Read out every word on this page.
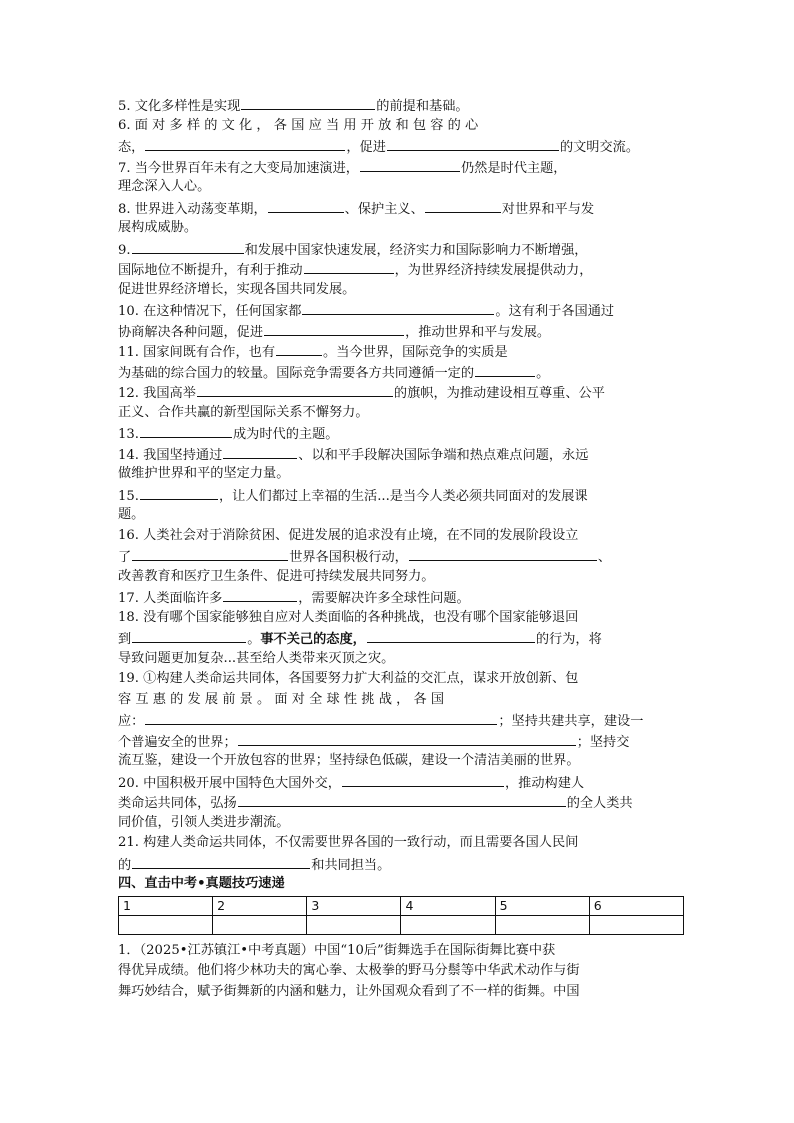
5. 文化多样性是实现	的前提和基础。
6. 面 对 多 样 的 文 化 ， 各 国 应 当 用 开 放 和 包 容 的 心
态，	，促进	的文明交流。
7. 当今世界百年未有之大变局加速演进，	仍然是时代主题，
理念深入人心。
8. 世界进入动荡变革期，	、保护主义、	对世界和平与发
展构成威胁。
9.	和发展中国家快速发展，经济实力和国际影响力不断增强，
国际地位不断提升，有利于推动	，为世界经济持续发展提供动力，
促进世界经济增长，实现各国共同发展。
10. 在这种情况下，任何国家都	。这有利于各国通过
协商解决各种问题，促进	，推动世界和平与发展。
11. 国家间既有合作，也有	。当今世界，国际竞争的实质是
为基础的综合国力的较量。国际竞争需要各方共同遵循一定的	。
12. 我国高举	的旗帜，为推动建设相互尊重、公平
正义、合作共赢的新型国际关系不懈努力。
13.	成为时代的主题。
14. 我国坚持通过	、以和平手段解决国际争端和热点难点问题，永远
做维护世界和平的坚定力量。
15.	，让人们都过上幸福的生活...是当今人类必须共同面对的发展课
题。
16. 人类社会对于消除贫困、促进发展的追求没有止境，在不同的发展阶段设立
了	世界各国积极行动，	、
改善教育和医疗卫生条件、促进可持续发展共同努力。
17. 人类面临许多	，需要解决许多全球性问题。
18. 没有哪个国家能够独自应对人类面临的各种挑战，也没有哪个国家能够退回
到	。 事不关己的态度，	的行为，将
导致问题更加复杂...甚至给人类带来灭顶之灾。
19. ①构建人类命运共同体，各国要努力扩大利益的交汇点，谋求开放创新、包
容 互 惠 的 发 展 前 景 。 面 对 全 球 性 挑 战 ， 各 国
应：	；坚持共建共享，建设一
个普遍安全的世界；	；坚持交
流互鉴，建设一个开放包容的世界；坚持绿色低碳，建设一个清洁美丽的世界。
20. 中国积极开展中国特色大国外交，	，推动构建人
类命运共同体，弘扬	的全人类共
同价值，引领人类进步潮流。
21. 构建人类命运共同体，不仅需要世界各国的一致行动，而且需要各国人民间
的	和共同担当。
四、直击中考•真题技巧速递
1	2	3	4	5	6

1．（2025•江苏镇江•中考真题）中国“10后”街舞选手在国际街舞比赛中获
得优异成绩。他们将少林功夫的寓心拳、太极拳的野马分鬃等中华武术动作与街
舞巧妙结合，赋予街舞新的内涵和魅力，让外国观众看到了不一样的街舞。中国
